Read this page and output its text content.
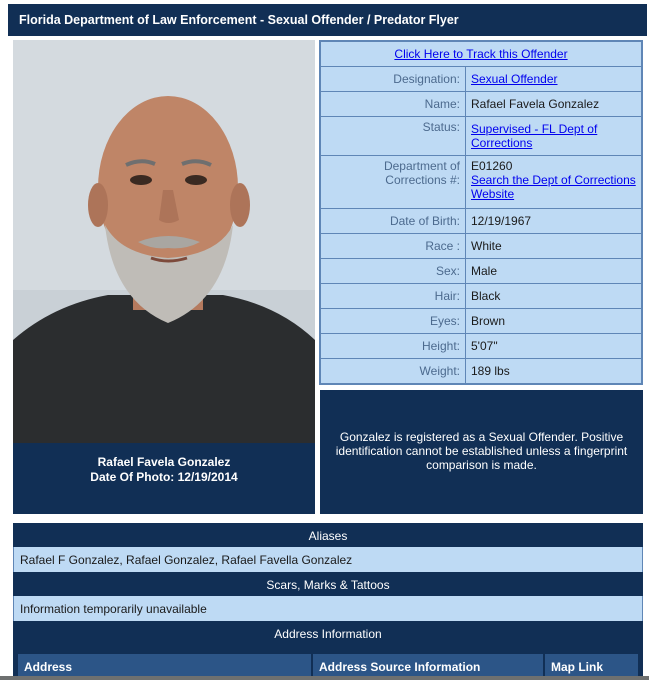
Florida Department of Law Enforcement - Sexual Offender / Predator Flyer
Rafael Favela Gonzalez
Date Of Photo: 12/19/2014
Click Here to Track this Offender	
Designation:	Sexual Offender
Name:	Rafael Favela Gonzalez
Status:	Supervised - FL Dept of Corrections
Department of Corrections #:	E01260
Search the Dept of Corrections Website
Date of Birth:	12/19/1967
Race :	White
Sex:	Male
Hair:	Black
Eyes:	Brown
Height:	5'07"
Weight:	189 lbs
Gonzalez is registered as a Sexual Offender. Positive identification cannot be established unless a fingerprint comparison is made.
Aliases
Rafael F Gonzalez, Rafael Gonzalez, Rafael Favella Gonzalez
Scars, Marks & Tattoos
Information temporarily unavailable
Address Information
Address	Address Source Information	Map Link
